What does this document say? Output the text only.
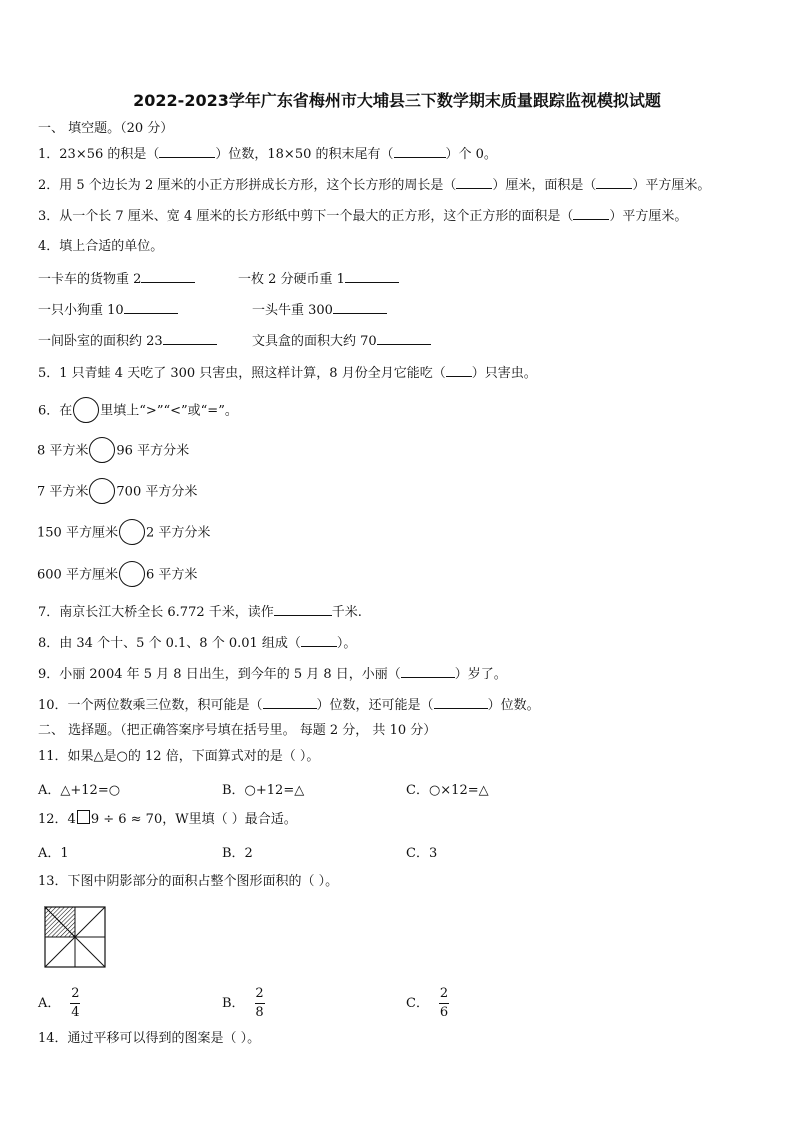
2022-2023学年广东省梅州市大埔县三下数学期末质量跟踪监视模拟试题
一、 填空题。（20 分）
1．23×56 的积是（	）位数，18×50 的积末尾有（	）个 0。
2．用 5 个边长为 2 厘米的小正方形拼成长方形，这个长方形的周长是（	）厘米，面积是（	）平方厘米。
3．从一个长 7 厘米、宽 4 厘米的长方形纸中剪下一个最大的正方形，这个正方形的面积是（	）平方厘米。
4．填上合适的单位。
一卡车的货物重 2	一枚 2 分硬币重 1
一只小狗重 10	一头牛重 300
一间卧室的面积约 23	文具盒的面积大约 70
5．1 只青蛙 4 天吃了 300 只害虫，照这样计算，8 月份全月它能吃（ ）只害虫。
6．在 里填上“>”“<”或“=”。
8 平方米 96 平方分米
7 平方米 700 平方分米
150 平方厘米 2 平方分米
600 平方厘米 6 平方米
7．南京长江大桥全长 6.772 千米，读作	千米.
8．由 34 个十、5 个 0.1、8 个 0.01 组成（	）。
9．小丽 2004 年 5 月 8 日出生，到今年的 5 月 8 日，小丽（	）岁了。
10．一个两位数乘三位数，积可能是（	）位数，还可能是（	）位数。
二、 选择题。（把正确答案序号填在括号里。 每题 2 分， 共 10 分）
11．如果△是○的 12 倍，下面算式对的是（ ）。
A．△+12=○	B．○+12=△	C．○×12=△
12．4 9 ÷ 6 ≈ 70，W里填（ ）最合适。
A．1	B．2	C．3
13．下图中阴影部分的面积占整个图形面积的（ ）。
A． $\frac{2}{4}$	B． $\frac{2}{8}$	C． $\frac{2}{6}$
14．通过平移可以得到的图案是（ ）。
